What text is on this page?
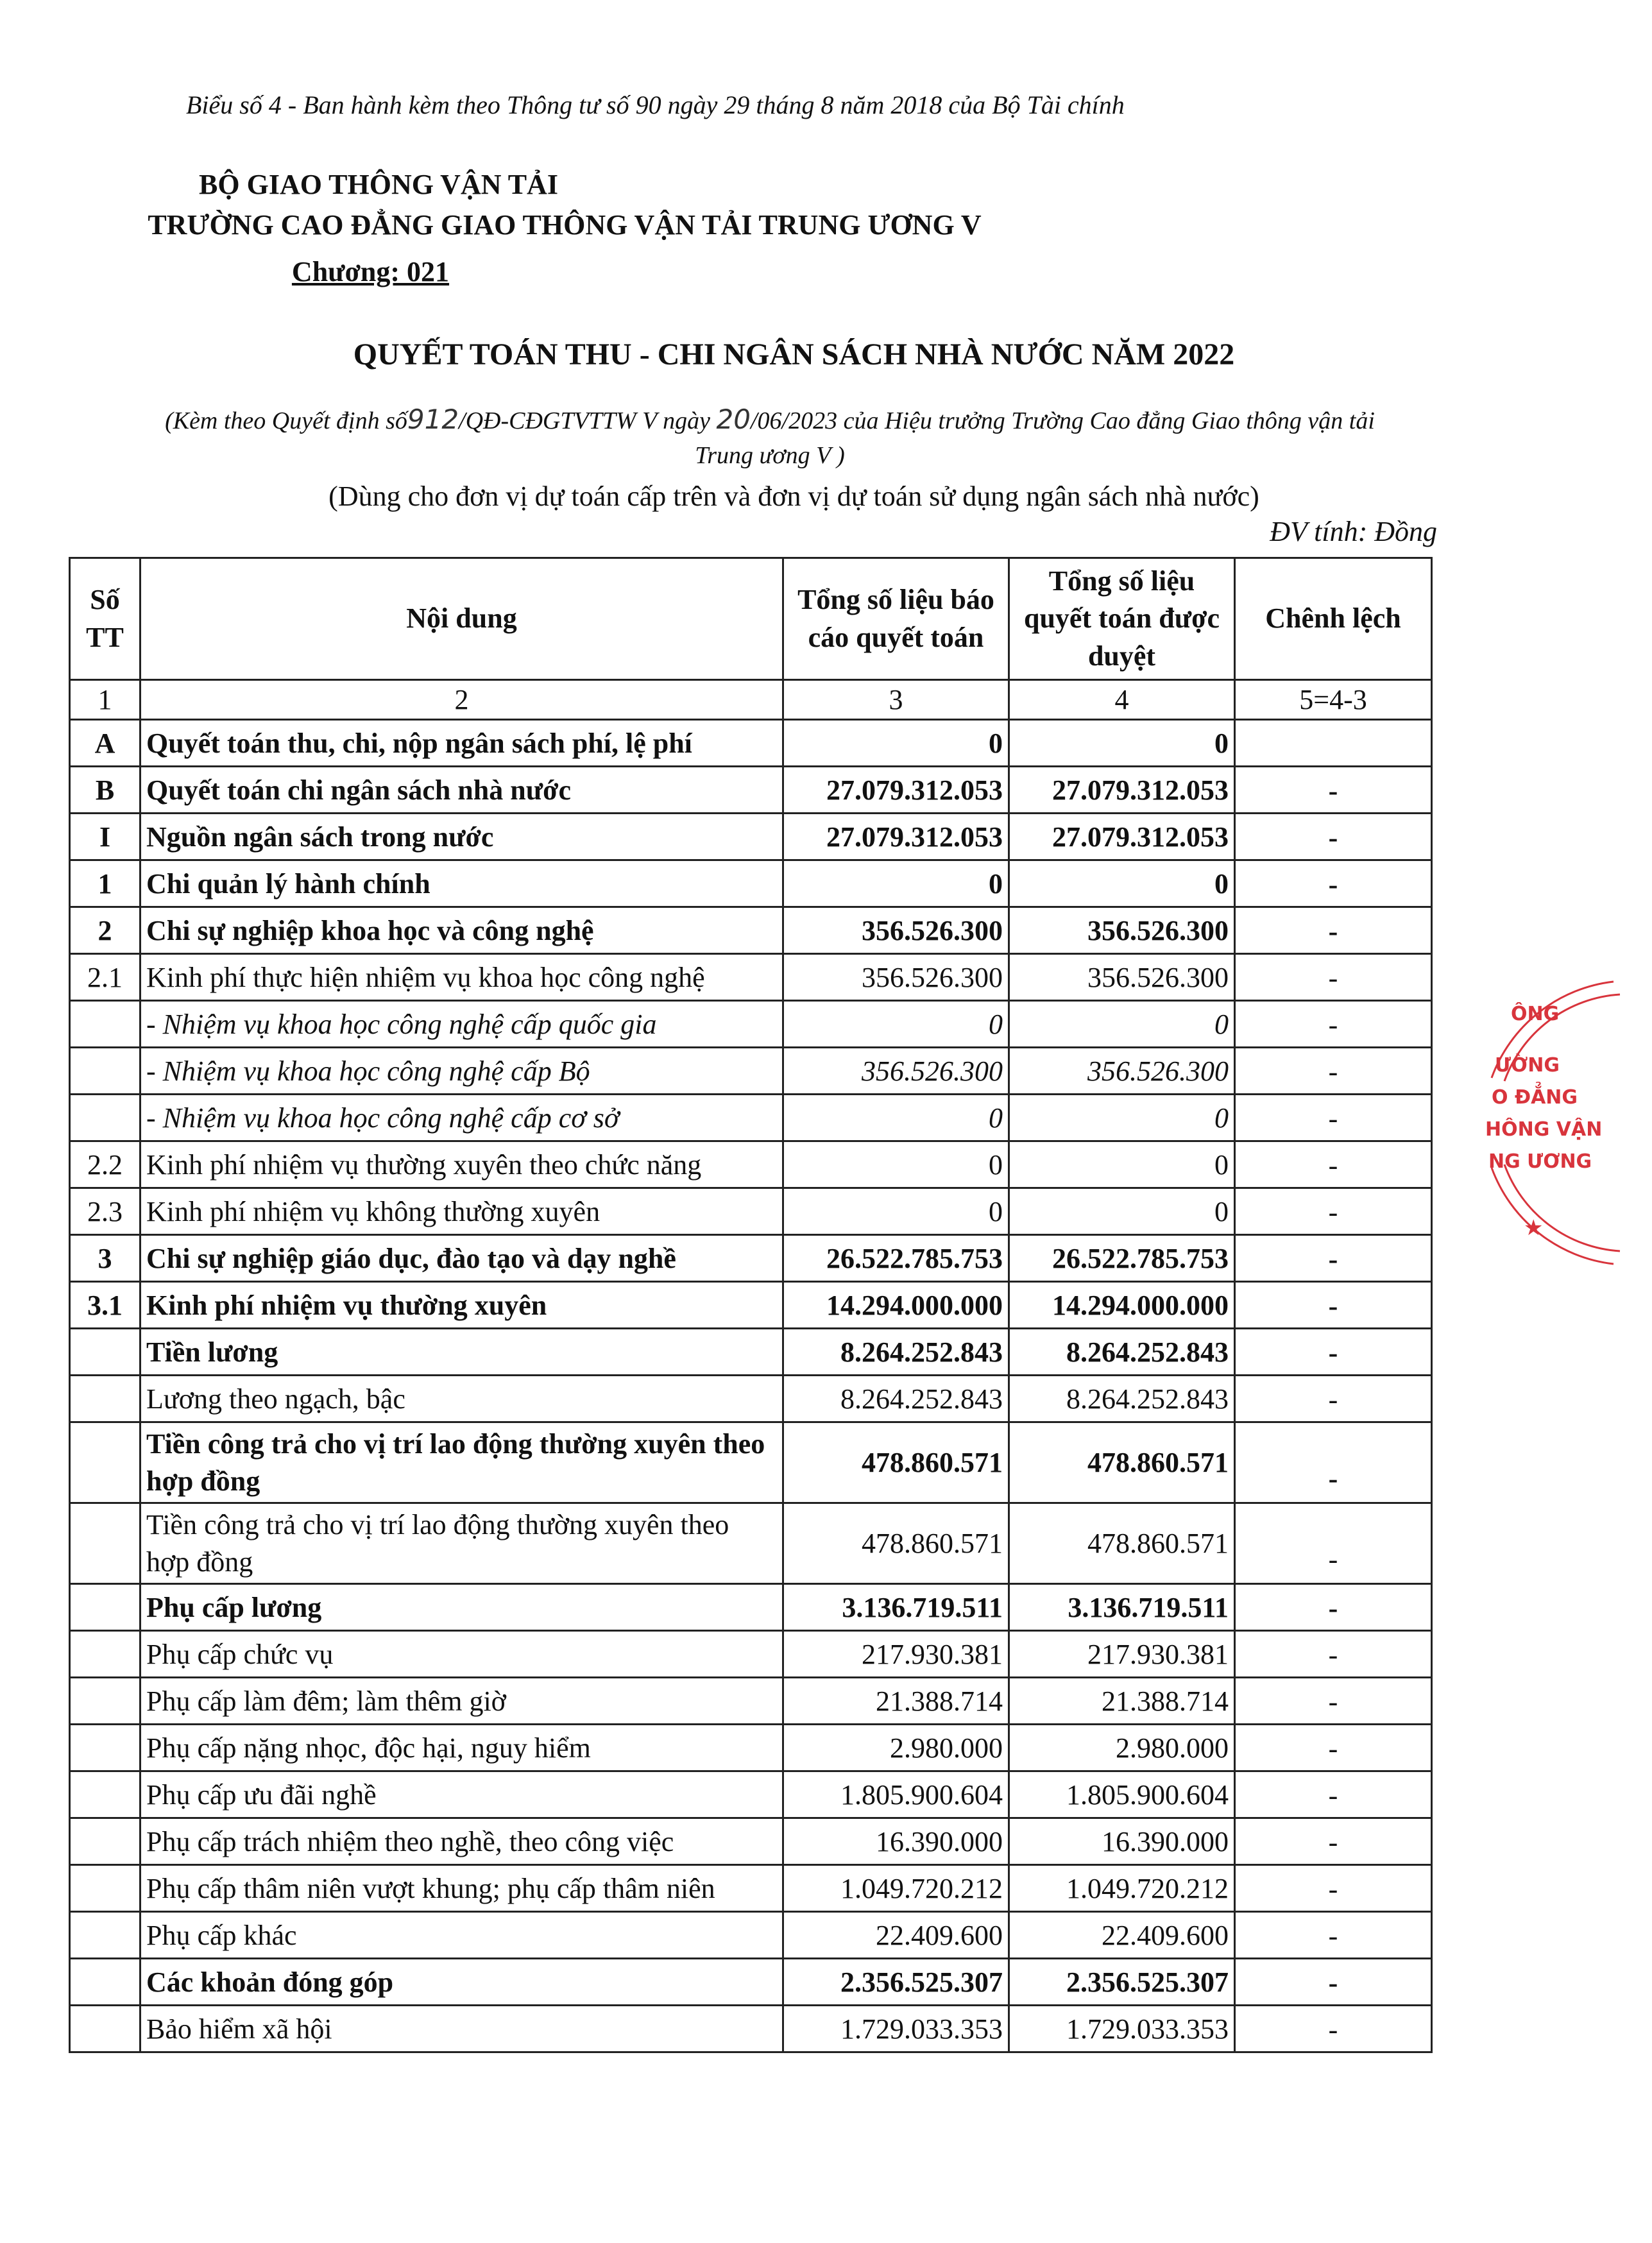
Biểu số 4 - Ban hành kèm theo Thông tư số 90 ngày 29 tháng 8 năm 2018 của Bộ Tài chính
BỘ GIAO THÔNG VẬN TẢI
TRƯỜNG CAO ĐẲNG GIAO THÔNG VẬN TẢI TRUNG ƯƠNG V
Chương: 021
QUYẾT TOÁN THU - CHI NGÂN SÁCH NHÀ NƯỚC NĂM 2022
(Kèm theo Quyết định số912/QĐ-CĐGTVTTW V ngày 20/06/2023 của Hiệu trưởng Trường Cao đẳng Giao thông vận tải
Trung ương V )
(Dùng cho đơn vị dự toán cấp trên và đơn vị dự toán sử dụng ngân sách nhà nước)
ĐV tính: Đồng
Số TT	Nội dung	Tổng số liệu báo cáo quyết toán	Tổng số liệu quyết toán được duyệt	Chênh lệch
1	2	3	4	5=4-3
A	Quyết toán thu, chi, nộp ngân sách phí, lệ phí	0	0	
B	Quyết toán chi ngân sách nhà nước	27.079.312.053	27.079.312.053	-
I	Nguồn ngân sách trong nước	27.079.312.053	27.079.312.053	-
1	Chi quản lý hành chính	0	0	-
2	Chi sự nghiệp khoa học và công nghệ	356.526.300	356.526.300	-
2.1	Kinh phí thực hiện nhiệm vụ khoa học công nghệ	356.526.300	356.526.300	-
	- Nhiệm vụ khoa học công nghệ cấp quốc gia	0	0	-
	- Nhiệm vụ khoa học công nghệ cấp Bộ	356.526.300	356.526.300	-
	- Nhiệm vụ khoa học công nghệ cấp cơ sở	0	0	-
2.2	Kinh phí nhiệm vụ thường xuyên theo chức năng	0	0	-
2.3	Kinh phí nhiệm vụ không thường xuyên	0	0	-
3	Chi sự nghiệp giáo dục, đào tạo và dạy nghề	26.522.785.753	26.522.785.753	-
3.1	Kinh phí nhiệm vụ thường xuyên	14.294.000.000	14.294.000.000	-
	Tiền lương	8.264.252.843	8.264.252.843	-
	Lương theo ngạch, bậc	8.264.252.843	8.264.252.843	-
	Tiền công trả cho vị trí lao động thường xuyên theo hợp đồng	478.860.571	478.860.571	-
	Tiền công trả cho vị trí lao động thường xuyên theo hợp đồng	478.860.571	478.860.571	-
	Phụ cấp lương	3.136.719.511	3.136.719.511	-
	Phụ cấp chức vụ	217.930.381	217.930.381	-
	Phụ cấp làm đêm; làm thêm giờ	21.388.714	21.388.714	-
	Phụ cấp nặng nhọc, độc hại, nguy hiểm	2.980.000	2.980.000	-
	Phụ cấp ưu đãi nghề	1.805.900.604	1.805.900.604	-
	Phụ cấp trách nhiệm theo nghề, theo công việc	16.390.000	16.390.000	-
	Phụ cấp thâm niên vượt khung; phụ cấp thâm niên	1.049.720.212	1.049.720.212	-
	Phụ cấp khác	22.409.600	22.409.600	-
	Các khoản đóng góp	2.356.525.307	2.356.525.307	-
	Bảo hiểm xã hội	1.729.033.353	1.729.033.353	-
ÔNG
ƯỜNG
O ĐẲNG
HÔNG VẬN
NG ƯƠNG
★
